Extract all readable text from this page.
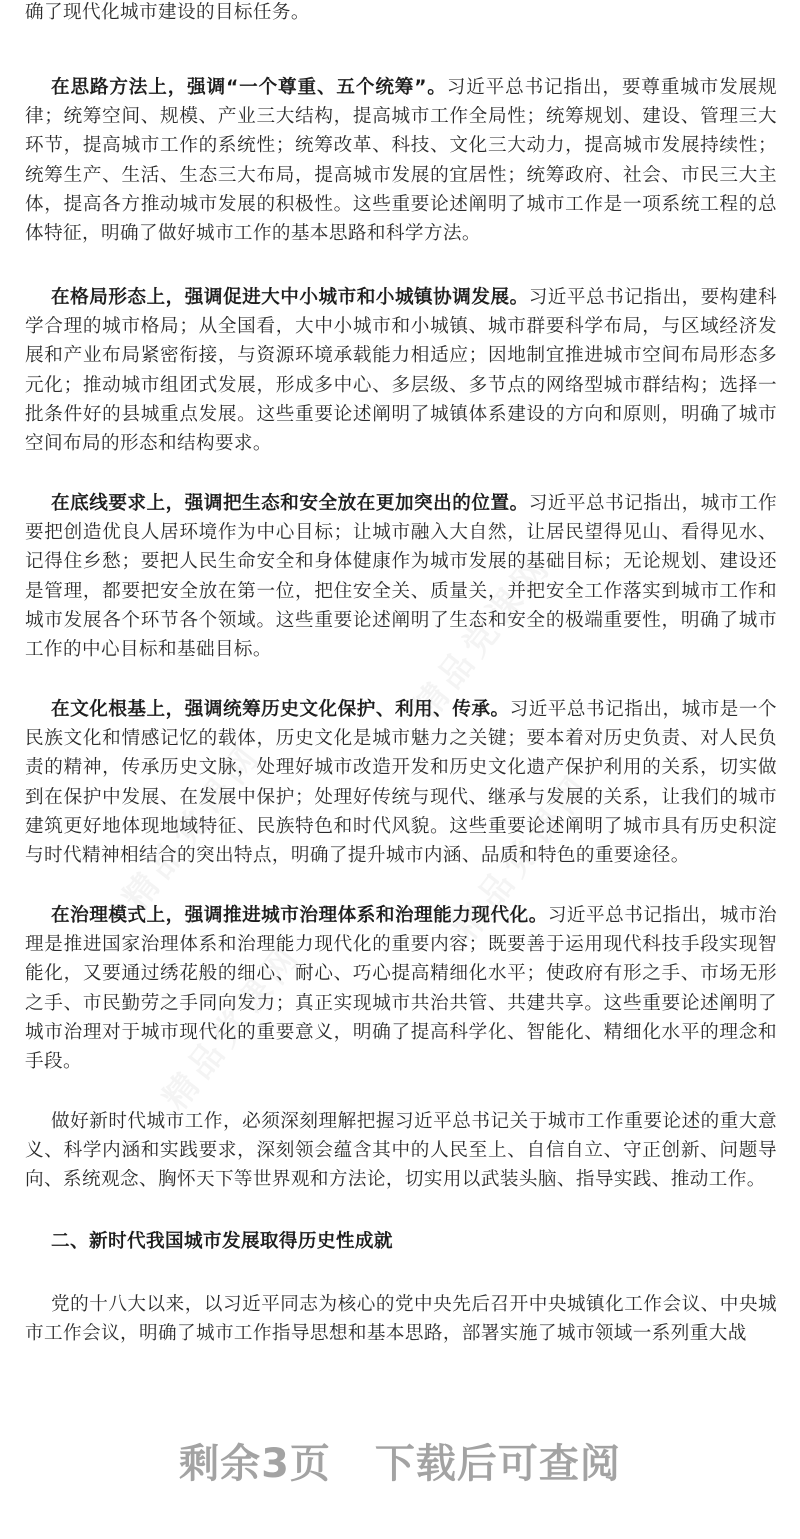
精品党课网
精品党课网	精品党课网
精品党课网
确了现代化城市建设的目标任务。

在思路方法上，强调“一个尊重、五个统筹”。习近平总书记指出，要尊重城市发展规律；统筹空间、规模、产业三大结构，提高城市工作全局性；统筹规划、建设、管理三大环节，提高城市工作的系统性；统筹改革、科技、文化三大动力，提高城市发展持续性；统筹生产、生活、生态三大布局，提高城市发展的宜居性；统筹政府、社会、市民三大主体，提高各方推动城市发展的积极性。这些重要论述阐明了城市工作是一项系统工程的总体特征，明确了做好城市工作的基本思路和科学方法。

在格局形态上，强调促进大中小城市和小城镇协调发展。习近平总书记指出，要构建科学合理的城市格局；从全国看，大中小城市和小城镇、城市群要科学布局，与区域经济发展和产业布局紧密衔接，与资源环境承载能力相适应；因地制宜推进城市空间布局形态多元化；推动城市组团式发展，形成多中心、多层级、多节点的网络型城市群结构；选择一批条件好的县城重点发展。这些重要论述阐明了城镇体系建设的方向和原则，明确了城市空间布局的形态和结构要求。

在底线要求上，强调把生态和安全放在更加突出的位置。习近平总书记指出，城市工作要把创造优良人居环境作为中心目标；让城市融入大自然，让居民望得见山、看得见水、记得住乡愁；要把人民生命安全和身体健康作为城市发展的基础目标；无论规划、建设还是管理，都要把安全放在第一位，把住安全关、质量关，并把安全工作落实到城市工作和城市发展各个环节各个领域。这些重要论述阐明了生态和安全的极端重要性，明确了城市工作的中心目标和基础目标。

在文化根基上，强调统筹历史文化保护、利用、传承。习近平总书记指出，城市是一个民族文化和情感记忆的载体，历史文化是城市魅力之关键；要本着对历史负责、对人民负责的精神，传承历史文脉，处理好城市改造开发和历史文化遗产保护利用的关系，切实做到在保护中发展、在发展中保护；处理好传统与现代、继承与发展的关系，让我们的城市建筑更好地体现地域特征、民族特色和时代风貌。这些重要论述阐明了城市具有历史积淀与时代精神相结合的突出特点，明确了提升城市内涵、品质和特色的重要途径。

在治理模式上，强调推进城市治理体系和治理能力现代化。习近平总书记指出，城市治理是推进国家治理体系和治理能力现代化的重要内容；既要善于运用现代科技手段实现智能化，又要通过绣花般的细心、耐心、巧心提高精细化水平；使政府有形之手、市场无形之手、市民勤劳之手同向发力；真正实现城市共治共管、共建共享。这些重要论述阐明了城市治理对于城市现代化的重要意义，明确了提高科学化、智能化、精细化水平的理念和手段。

做好新时代城市工作，必须深刻理解把握习近平总书记关于城市工作重要论述的重大意义、科学内涵和实践要求，深刻领会蕴含其中的人民至上、自信自立、守正创新、问题导向、系统观念、胸怀天下等世界观和方法论，切实用以武装头脑、指导实践、推动工作。

二、新时代我国城市发展取得历史性成就

党的十八大以来，以习近平同志为核心的党中央先后召开中央城镇化工作会议、中央城市工作会议，明确了城市工作指导思想和基本思路，部署实施了城市领域一系列重大战

剩余3页 下载后可查阅
